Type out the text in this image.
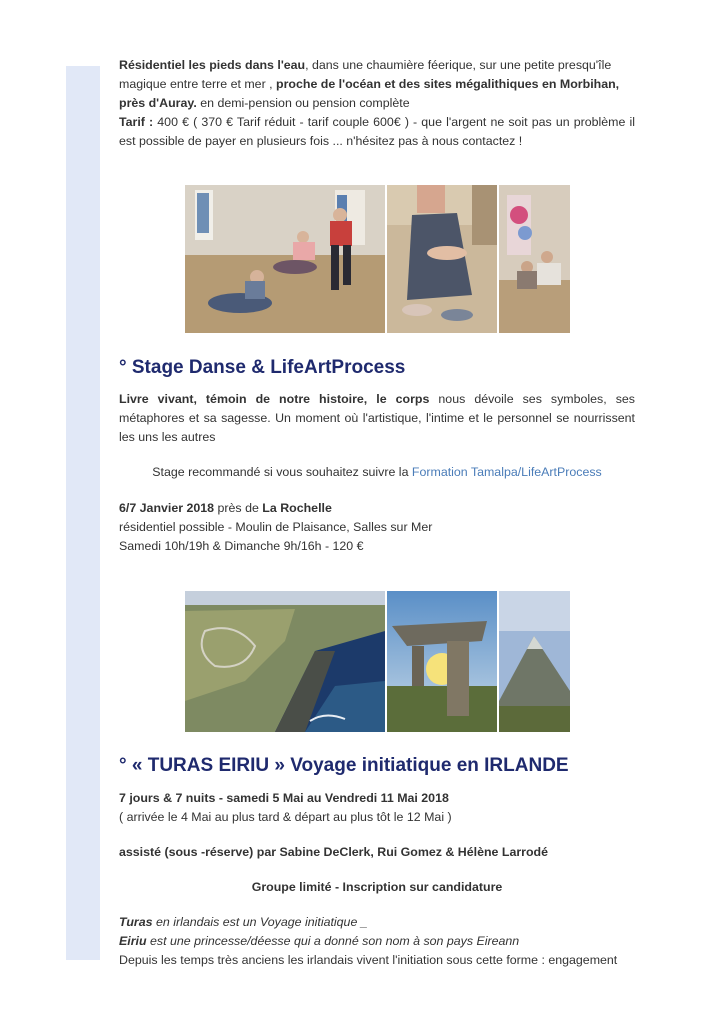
Résidentiel les pieds dans l'eau, dans une chaumière féerique, sur une petite presqu'île

magique entre terre et mer , proche de l'océan et des sites mégalithiques en Morbihan,

près d'Auray. en demi-pension ou pension complète

Tarif : 400 € ( 370 € Tarif réduit - tarif couple 600€ ) - que l'argent ne soit pas un problème il est possible de payer en plusieurs fois ... n'hésitez pas à nous contactez !

° Stage Danse & LifeArtProcess

Livre vivant, témoin de notre histoire, le corps nous dévoile ses symboles, ses métaphores et sa sagesse. Un moment où l'artistique, l'intime et le personnel se nourrissent les uns les autres

Stage recommandé si vous souhaitez suivre la Formation Tamalpa/LifeArtProcess

6/7 Janvier 2018 près de La Rochelle

résidentiel possible - Moulin de Plaisance, Salles sur Mer

Samedi 10h/19h & Dimanche 9h/16h - 120 €

° « TURAS EIRIU » Voyage initiatique en IRLANDE

7 jours & 7 nuits - samedi 5 Mai au Vendredi 11 Mai 2018

( arrivée le 4 Mai au plus tard & départ au plus tôt le 12 Mai )

assisté (sous -réserve) par Sabine DeClerk, Rui Gomez & Hélène Larrodé

Groupe limité - Inscription sur candidature

Turas en irlandais est un Voyage initiatique _

Eiriu est une princesse/déesse qui a donné son nom à son pays Eireann

Depuis les temps très anciens les irlandais vivent l'initiation sous cette forme : engagement
